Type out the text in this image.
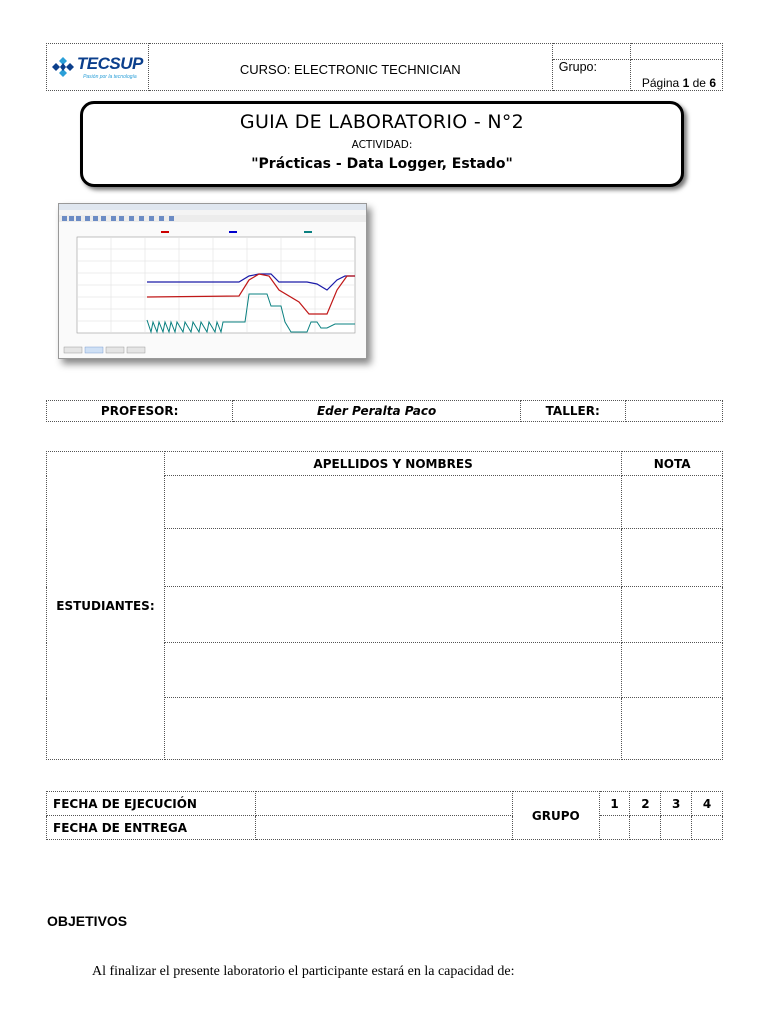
TECSUP
Pasión por la tecnología	CURSO: ELECTRONIC TECHNICIAN		
		Grupo:	Página 1 de 6
GUIA DE LABORATORIO - N°2
ACTIVIDAD:
"Prácticas - Data Logger, Estado"
PROFESOR:	Eder Peralta Paco	TALLER:	
ESTUDIANTES:	APELLIDOS Y NOMBRES	NOTA

FECHA DE EJECUCIÓN		GRUPO	1	2	3	4
FECHA DE ENTREGA						
OBJETIVOS
Al finalizar el presente laboratorio el participante estará en la capacidad de:
